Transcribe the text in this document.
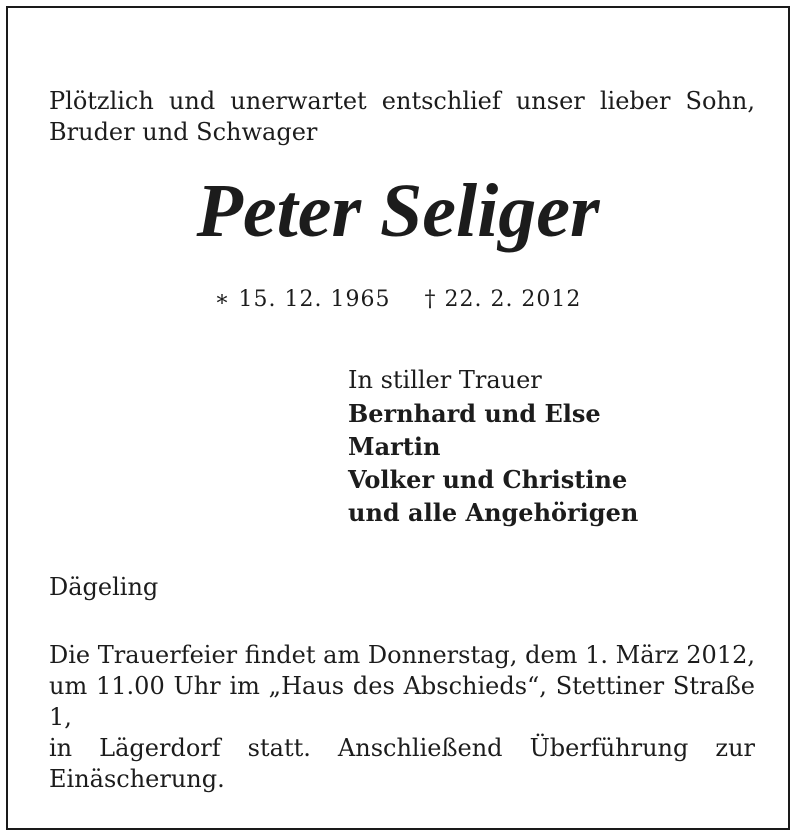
Plötzlich und unerwartet entschlief unser lieber Sohn,
Bruder und Schwager
Peter Seliger
∗ 15. 12. 1965 † 22. 2. 2012
In stiller Trauer
Bernhard und Else
Martin
Volker und Christine
und alle Angehörigen
Dägeling
Die Trauerfeier findet am Donnerstag, dem 1. März 2012,
um 11.00 Uhr im „Haus des Abschieds“, Stettiner Straße 1,
in Lägerdorf statt. Anschließend Überführung zur
Einäscherung.
